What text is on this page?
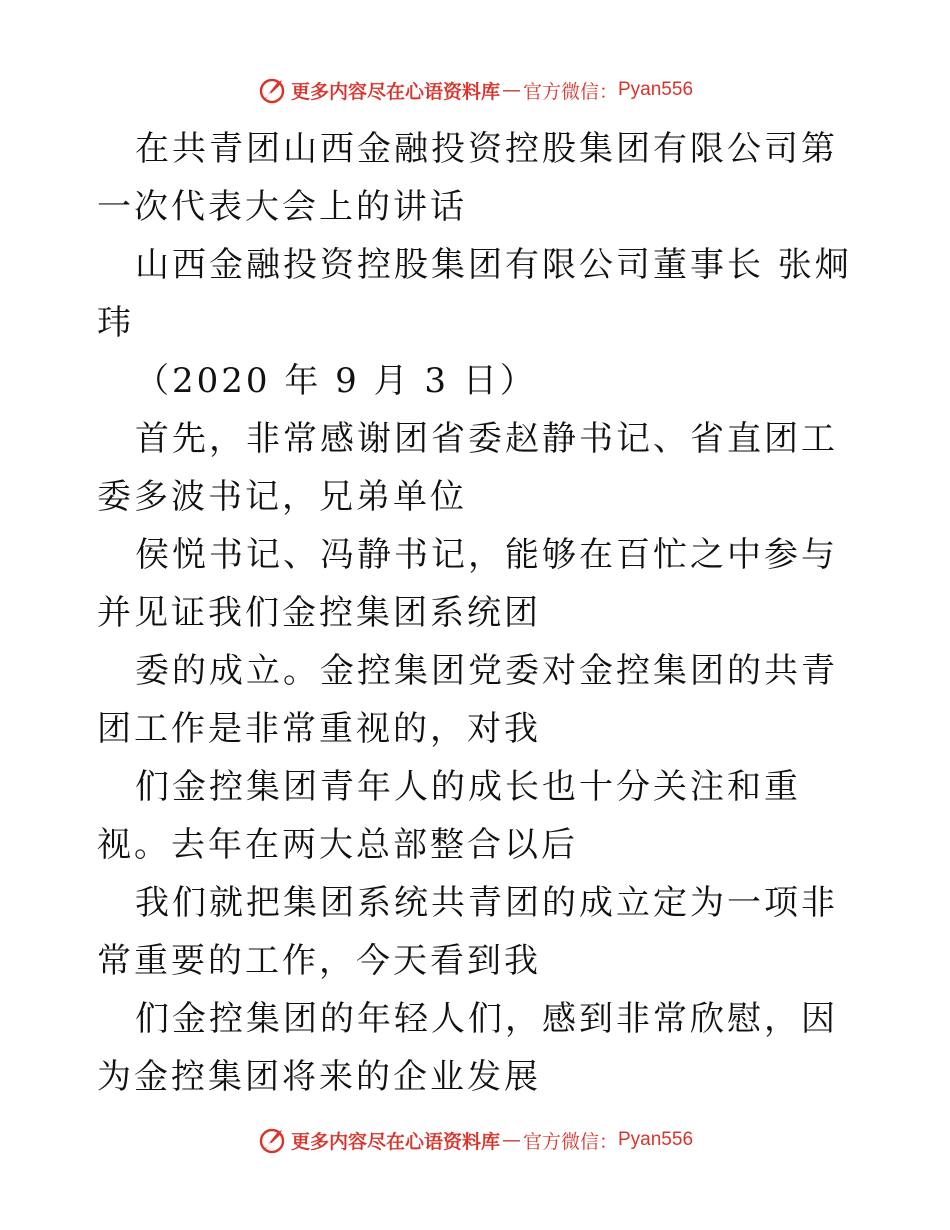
更多内容尽在心语资料库 — 官方微信： Pyan556

在共青团山西金融投资控股集团有限公司第一次代表大会上的讲话

山西金融投资控股集团有限公司董事长 张炯玮

（2020 年 9 月 3 日）

首先，非常感谢团省委赵静书记、省直团工委多波书记，兄弟单位

侯悦书记、冯静书记，能够在百忙之中参与并见证我们金控集团系统团

委的成立。金控集团党委对金控集团的共青团工作是非常重视的，对我

们金控集团青年人的成长也十分关注和重视。去年在两大总部整合以后

我们就把集团系统共青团的成立定为一项非常重要的工作，今天看到我

们金控集团的年轻人们，感到非常欣慰，因为金控集团将来的企业发展

更多内容尽在心语资料库 — 官方微信： Pyan556
